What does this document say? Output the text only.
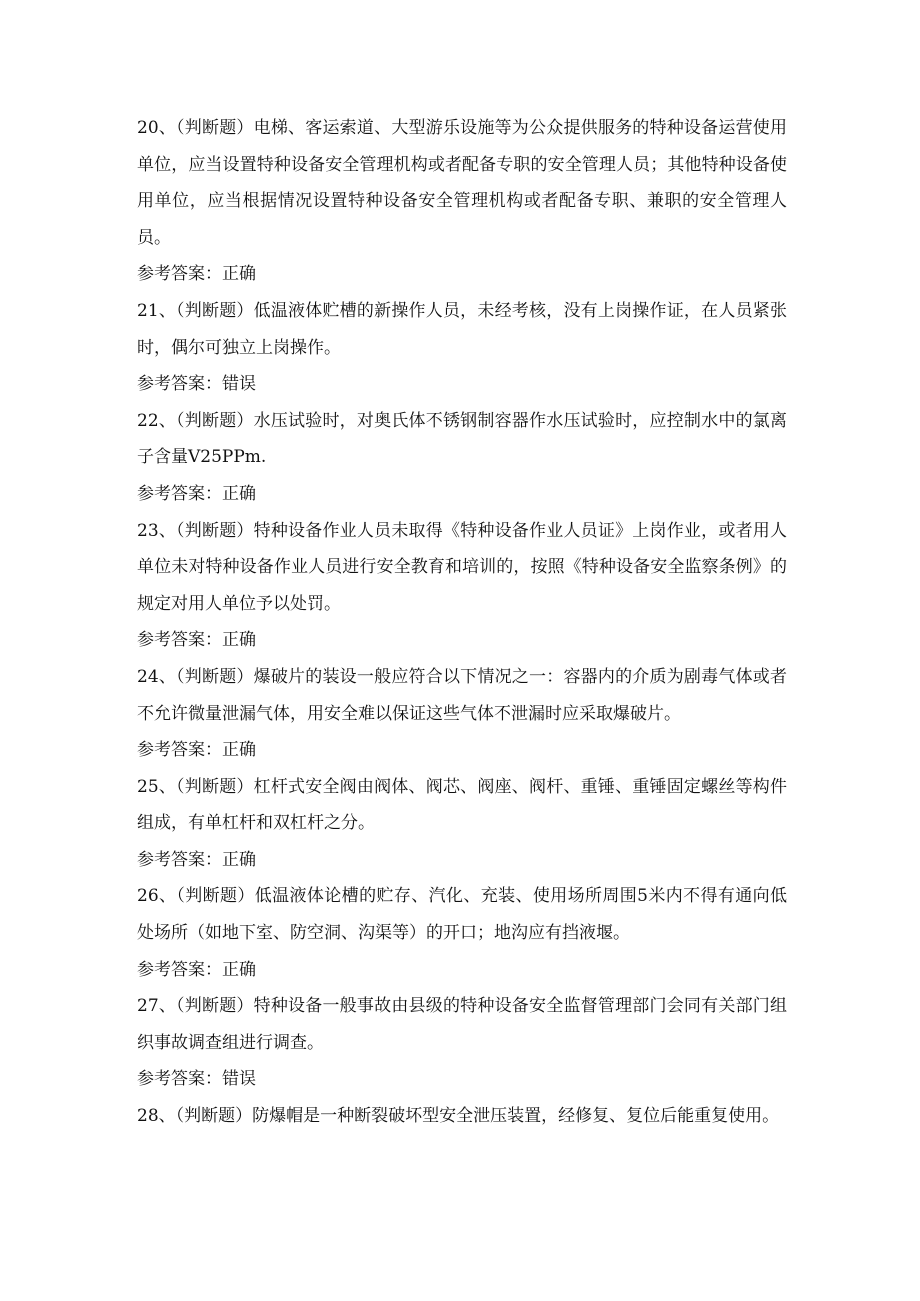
20、（判断题）电梯、客运索道、大型游乐设施等为公众提供服务的特种设备运营使用单位，应当设置特种设备安全管理机构或者配备专职的安全管理人员；其他特种设备使用单位，应当根据情况设置特种设备安全管理机构或者配备专职、兼职的安全管理人员。

参考答案：正确

21、（判断题）低温液体贮槽的新操作人员，未经考核，没有上岗操作证，在人员紧张时，偶尔可独立上岗操作。

参考答案：错误

22、（判断题）水压试验时，对奥氏体不锈钢制容器作水压试验时，应控制水中的氯离子含量V25PPm.

参考答案：正确

23、（判断题）特种设备作业人员未取得《特种设备作业人员证》上岗作业，或者用人单位未对特种设备作业人员进行安全教育和培训的，按照《特种设备安全监察条例》的规定对用人单位予以处罚。

参考答案：正确

24、（判断题）爆破片的装设一般应符合以下情况之一：容器内的介质为剧毒气体或者不允许微量泄漏气体，用安全难以保证这些气体不泄漏时应采取爆破片。

参考答案：正确

25、（判断题）杠杆式安全阀由阀体、阀芯、阀座、阀杆、重锤、重锤固定螺丝等构件组成，有单杠杆和双杠杆之分。

参考答案：正确

26、（判断题）低温液体论槽的贮存、汽化、充装、使用场所周围5米内不得有通向低处场所（如地下室、防空洞、沟渠等）的开口；地沟应有挡液堰。

参考答案：正确

27、（判断题）特种设备一般事故由县级的特种设备安全监督管理部门会同有关部门组织事故调查组进行调查。

参考答案：错误

28、（判断题）防爆帽是一种断裂破坏型安全泄压装置，经修复、复位后能重复使用。
